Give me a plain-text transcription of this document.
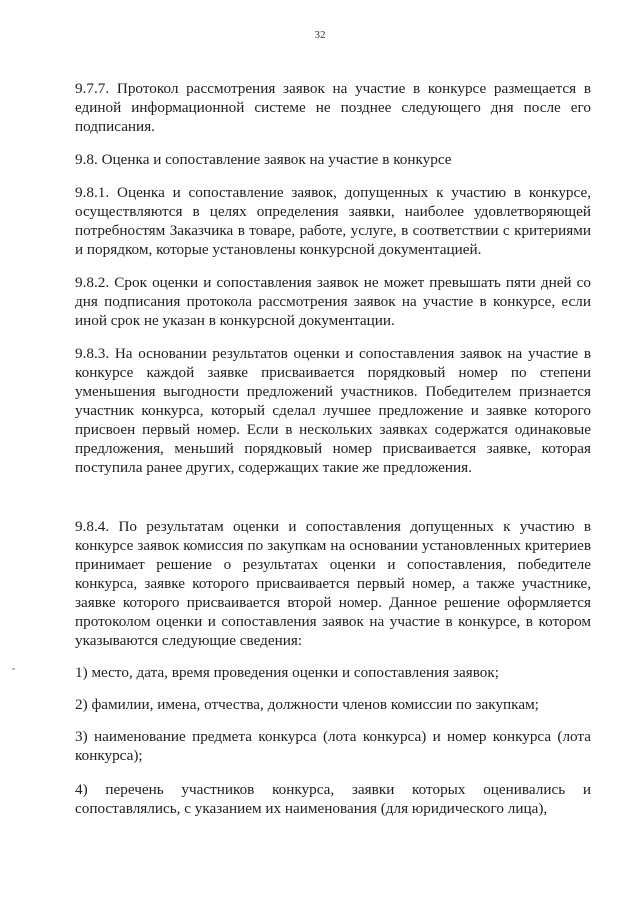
32

9.7.7. Протокол рассмотрения заявок на участие в конкурсе размещается в единой информационной системе не позднее следующего дня после его подписания.

9.8. Оценка и сопоставление заявок на участие в конкурсе

9.8.1. Оценка и сопоставление заявок, допущенных к участию в конкурсе, осуществляются в целях определения заявки, наиболее удовлетворяющей потребностям Заказчика в товаре, работе, услуге, в соответствии с критериями и порядком, которые установлены конкурсной документацией.

9.8.2. Срок оценки и сопоставления заявок не может превышать пяти дней со дня подписания протокола рассмотрения заявок на участие в конкурсе, если иной срок не указан в конкурсной документации.

9.8.3. На основании результатов оценки и сопоставления заявок на участие в конкурсе каждой заявке присваивается порядковый номер по степени уменьшения выгодности предложений участников. Победителем признается участник конкурса, который сделал лучшее предложение и заявке которого присвоен первый номер. Если в нескольких заявках содержатся одинаковые предложения, меньший порядковый номер присваивается заявке, которая поступила ранее других, содержащих такие же предложения.

9.8.4. По результатам оценки и сопоставления допущенных к участию в конкурсе заявок комиссия по закупкам на основании установленных критериев принимает решение о результатах оценки и сопоставления, победителе конкурса, заявке которого присваивается первый номер, а также участнике, заявке которого присваивается второй номер. Данное решение оформляется протоколом оценки и сопоставления заявок на участие в конкурсе, в котором указываются следующие сведения:

1) место, дата, время проведения оценки и сопоставления заявок;

2) фамилии, имена, отчества, должности членов комиссии по закупкам;

3) наименование предмета конкурса (лота конкурса) и номер конкурса (лота конкурса);

4) перечень участников конкурса, заявки которых оценивались и сопоставлялись, с указанием их наименования (для юридического лица),
